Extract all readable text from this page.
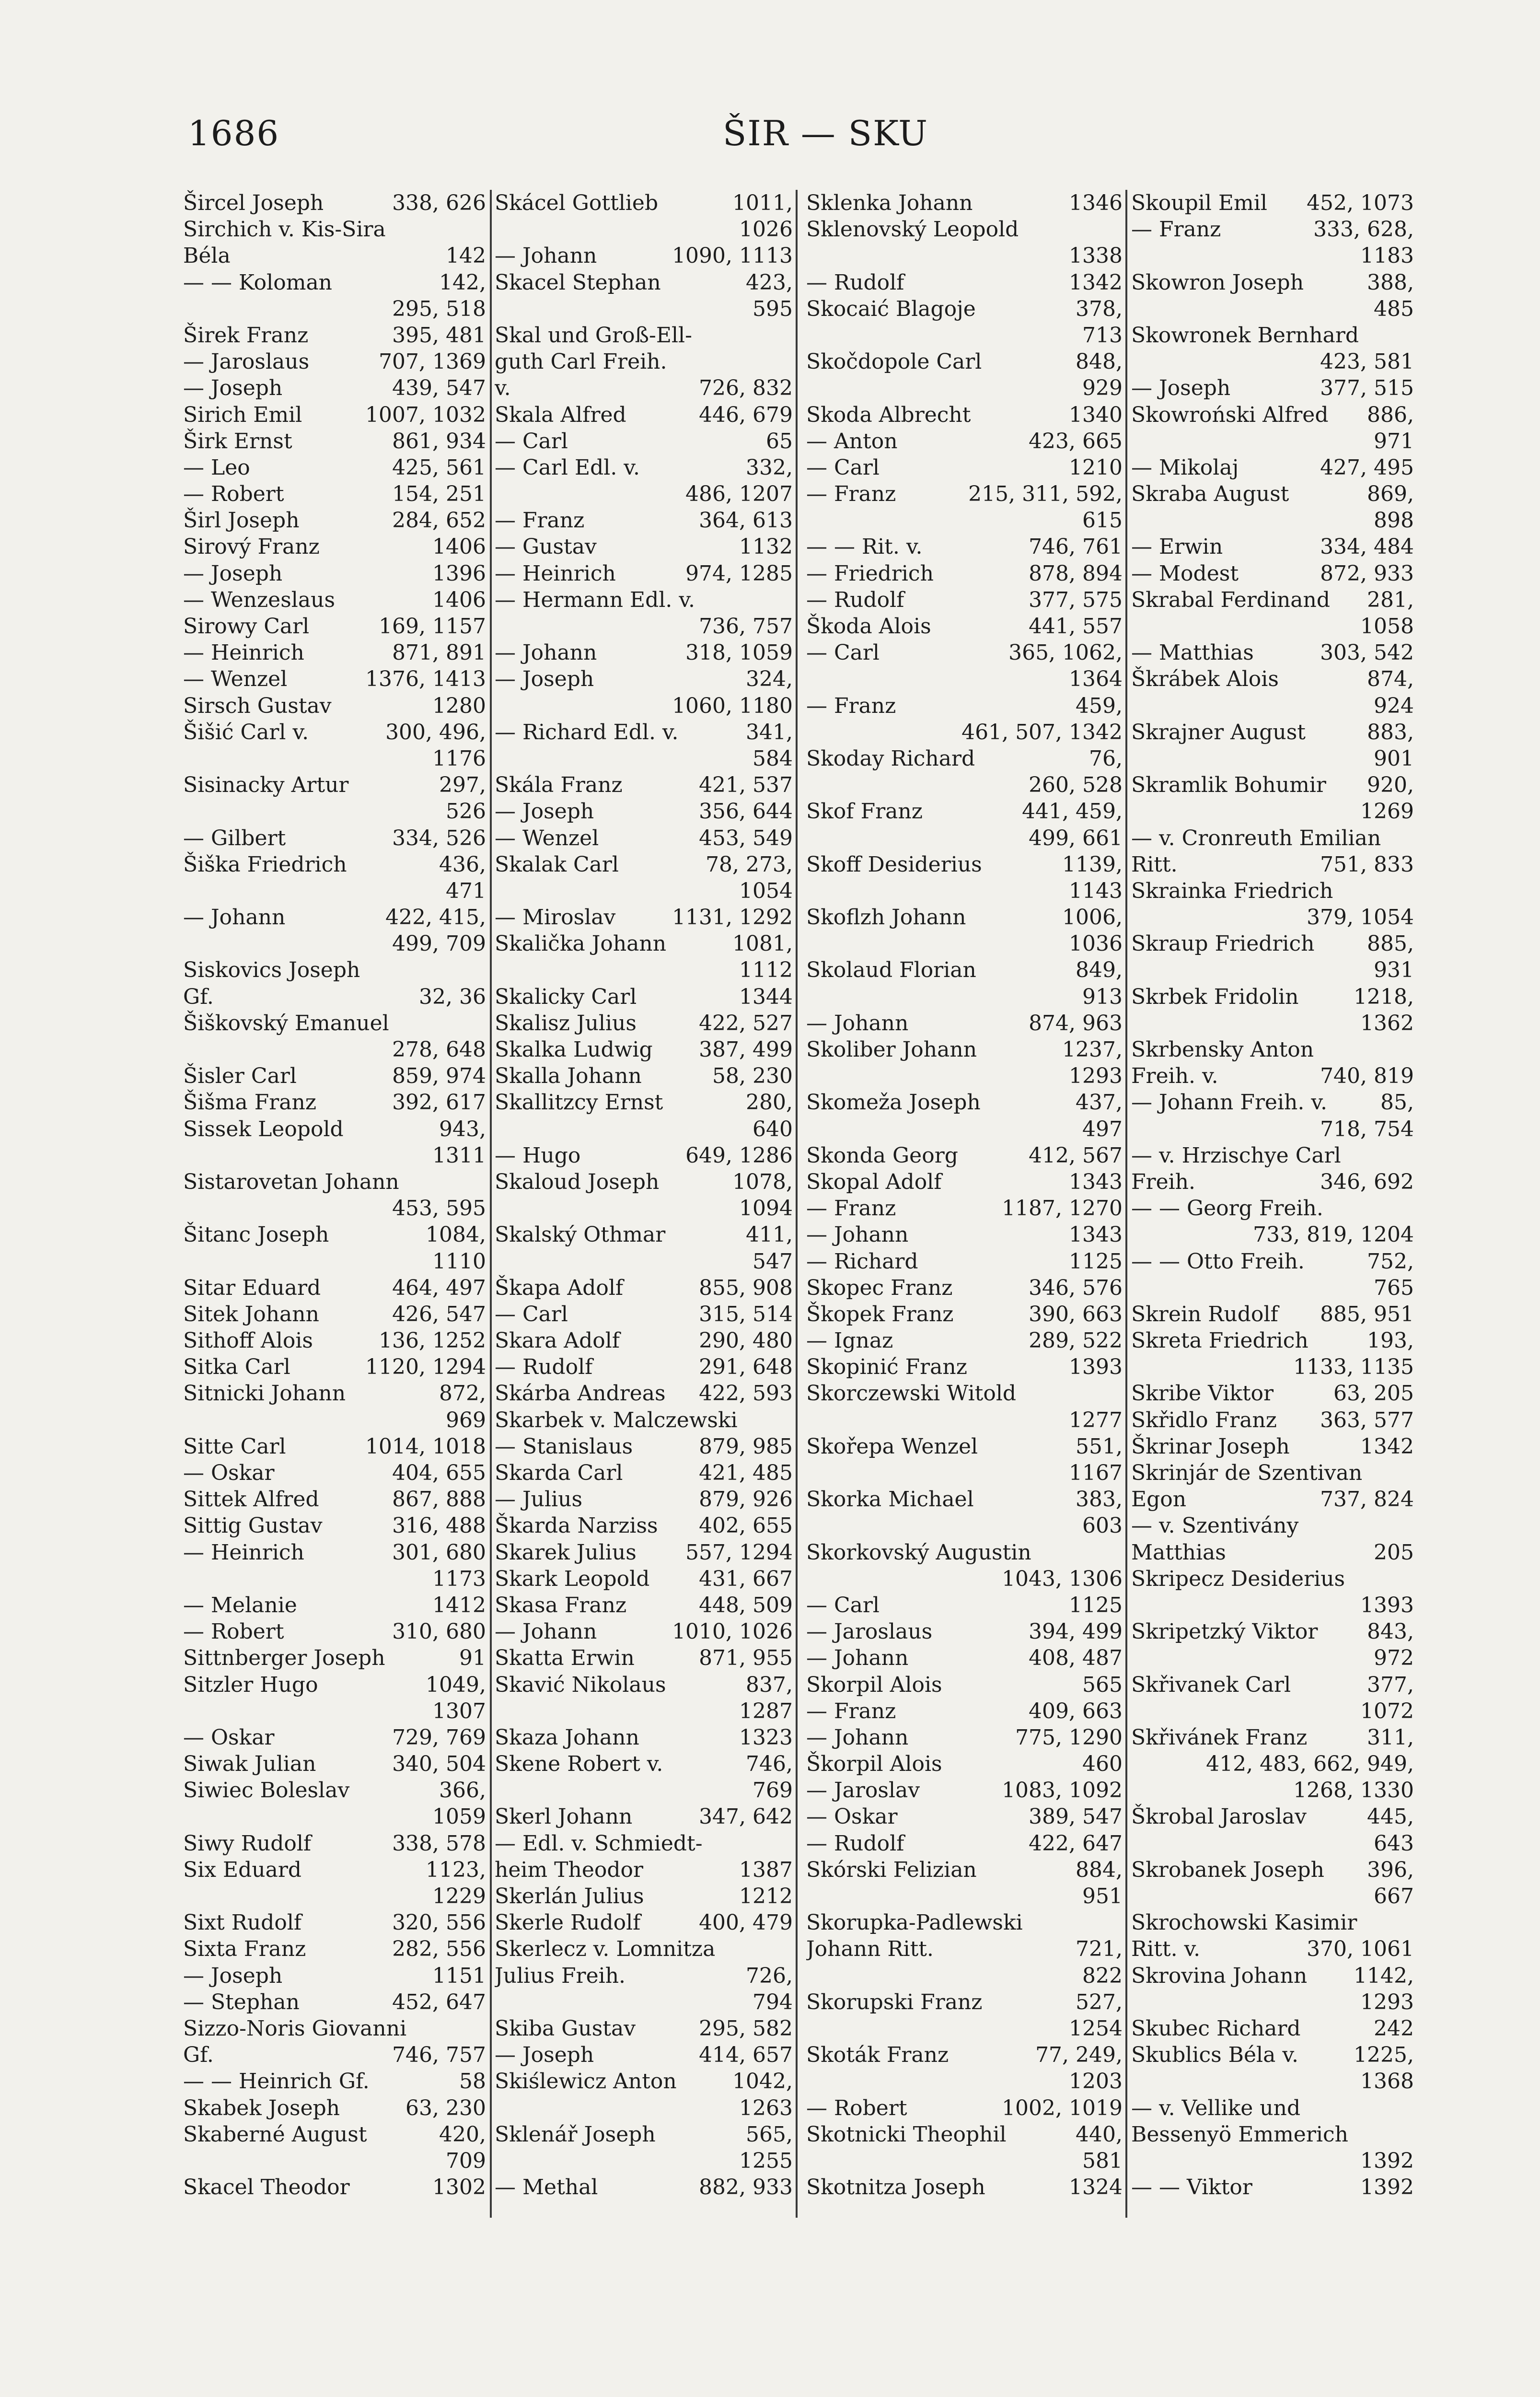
1686	ŠIR — SKU
Šircel Joseph	338, 626
Sirchich v. Kis-Sira
Béla	142
— — Koloman	142,
295, 518
Širek Franz	395, 481
— Jaroslaus	707, 1369
— Joseph	439, 547
Sirich Emil	1007, 1032
Širk Ernst	861, 934
— Leo	425, 561
— Robert	154, 251
Širl Joseph	284, 652
Sirový Franz	1406
— Joseph	1396
— Wenzeslaus	1406
Sirowy Carl	169, 1157
— Heinrich	871, 891
— Wenzel	1376, 1413
Sirsch Gustav	1280
Šišić Carl v.	300, 496,
1176
Sisinacky Artur	297,
526
— Gilbert	334, 526
Šiška Friedrich	436,
471
— Johann	422, 415,
499, 709
Siskovics Joseph
Gf.	32, 36
Šiškovský Emanuel
278, 648
Šisler Carl	859, 974
Šišma Franz	392, 617
Sissek Leopold	943,
1311
Sistarovetan Johann
453, 595
Šitanc Joseph	1084,
1110
Sitar Eduard	464, 497
Sitek Johann	426, 547
Sithoff Alois	136, 1252
Sitka Carl	1120, 1294
Sitnicki Johann	872,
969
Sitte Carl	1014, 1018
— Oskar	404, 655
Sittek Alfred	867, 888
Sittig Gustav	316, 488
— Heinrich	301, 680
1173
— Melanie	1412
— Robert	310, 680
Sittnberger Joseph	91
Sitzler Hugo	1049,
1307
— Oskar	729, 769
Siwak Julian	340, 504
Siwiec Boleslav	366,
1059
Siwy Rudolf	338, 578
Six Eduard	1123,
1229
Sixt Rudolf	320, 556
Sixta Franz	282, 556
— Joseph	1151
— Stephan	452, 647
Sizzo-Noris Giovanni
Gf.	746, 757
— — Heinrich Gf.	58
Skabek Joseph	63, 230
Skaberné August	420,
709
Skacel Theodor	1302
Skácel Gottlieb	1011,
1026
— Johann	1090, 1113
Skacel Stephan	423,
595
Skal und Groß-Ell-
guth Carl Freih.
v.	726, 832
Skala Alfred	446, 679
— Carl	65
— Carl Edl. v.	332,
486, 1207
— Franz	364, 613
— Gustav	1132
— Heinrich	974, 1285
— Hermann Edl. v.
736, 757
— Johann	318, 1059
— Joseph	324,
1060, 1180
— Richard Edl. v.	341,
584
Skála Franz	421, 537
— Joseph	356, 644
— Wenzel	453, 549
Skalak Carl	78, 273,
1054
— Miroslav	1131, 1292
Skalička Johann	1081,
1112
Skalicky Carl	1344
Skalisz Julius	422, 527
Skalka Ludwig	387, 499
Skalla Johann	58, 230
Skallitzcy Ernst	280,
640
— Hugo	649, 1286
Skaloud Joseph	1078,
1094
Skalský Othmar	411,
547
Škapa Adolf	855, 908
— Carl	315, 514
Skara Adolf	290, 480
— Rudolf	291, 648
Skárba Andreas	422, 593
Skarbek v. Malczewski
— Stanislaus	879, 985
Skarda Carl	421, 485
— Julius	879, 926
Škarda Narziss	402, 655
Skarek Julius	557, 1294
Skark Leopold	431, 667
Skasa Franz	448, 509
— Johann	1010, 1026
Skatta Erwin	871, 955
Skavić Nikolaus	837,
1287
Skaza Johann	1323
Skene Robert v.	746,
769
Skerl Johann	347, 642
— Edl. v. Schmiedt-
heim Theodor	1387
Skerlán Julius	1212
Skerle Rudolf	400, 479
Skerlecz v. Lomnitza
Julius Freih.	726,
794
Skiba Gustav	295, 582
— Joseph	414, 657
Skiślewicz Anton	1042,
1263
Sklenář Joseph	565,
1255
— Methal	882, 933
Sklenka Johann	1346
Sklenovský Leopold
1338
— Rudolf	1342
Skocaić Blagoje	378,
713
Skočdopole Carl	848,
929
Skoda Albrecht	1340
— Anton	423, 665
— Carl	1210
— Franz	215, 311, 592,
615
— — Rit. v.	746, 761
— Friedrich	878, 894
— Rudolf	377, 575
Škoda Alois	441, 557
— Carl	365, 1062,
1364
— Franz	459,
461, 507, 1342
Skoday Richard	76,
260, 528
Skof Franz	441, 459,
499, 661
Skoff Desiderius	1139,
1143
Skoflzh Johann	1006,
1036
Skolaud Florian	849,
913
— Johann	874, 963
Skoliber Johann	1237,
1293
Skomeža Joseph	437,
497
Skonda Georg	412, 567
Skopal Adolf	1343
— Franz	1187, 1270
— Johann	1343
— Richard	1125
Skopec Franz	346, 576
Škopek Franz	390, 663
— Ignaz	289, 522
Skopinić Franz	1393
Skorczewski Witold
1277
Skořepa Wenzel	551,
1167
Skorka Michael	383,
603
Skorkovský Augustin
1043, 1306
— Carl	1125
— Jaroslaus	394, 499
— Johann	408, 487
Skorpil Alois	565
— Franz	409, 663
— Johann	775, 1290
Škorpil Alois	460
— Jaroslav	1083, 1092
— Oskar	389, 547
— Rudolf	422, 647
Skórski Felizian	884,
951
Skorupka-Padlewski
Johann Ritt.	721,
822
Skorupski Franz	527,
1254
Skoták Franz	77, 249,
1203
— Robert	1002, 1019
Skotnicki Theophil	440,
581
Skotnitza Joseph	1324
Skoupil Emil	452, 1073
— Franz	333, 628,
1183
Skowron Joseph	388,
485
Skowronek Bernhard
423, 581
— Joseph	377, 515
Skowroński Alfred	886,
971
— Mikolaj	427, 495
Skraba August	869,
898
— Erwin	334, 484
— Modest	872, 933
Skrabal Ferdinand	281,
1058
— Matthias	303, 542
Škrábek Alois	874,
924
Skrajner August	883,
901
Skramlik Bohumir	920,
1269
— v. Cronreuth Emilian
Ritt.	751, 833
Skrainka Friedrich
379, 1054
Skraup Friedrich	885,
931
Skrbek Fridolin	1218,
1362
Skrbensky Anton
Freih. v.	740, 819
— Johann Freih. v.	85,
718, 754
— v. Hrzischye Carl
Freih.	346, 692
— — Georg Freih.
733, 819, 1204
— — Otto Freih.	752,
765
Skrein Rudolf	885, 951
Skreta Friedrich	193,
1133, 1135
Skribe Viktor	63, 205
Skřidlo Franz	363, 577
Škrinar Joseph	1342
Skrinjár de Szentivan
Egon	737, 824
— v. Szentivány
Matthias	205
Skripecz Desiderius
1393
Skripetzký Viktor	843,
972
Skřivanek Carl	377,
1072
Skřivánek Franz	311,
412, 483, 662, 949,
1268, 1330
Škrobal Jaroslav	445,
643
Skrobanek Joseph	396,
667
Skrochowski Kasimir
Ritt. v.	370, 1061
Skrovina Johann	1142,
1293
Skubec Richard	242
Skublics Béla v.	1225,
1368
— v. Vellike und
Bessenyö Emmerich
1392
— — Viktor	1392
